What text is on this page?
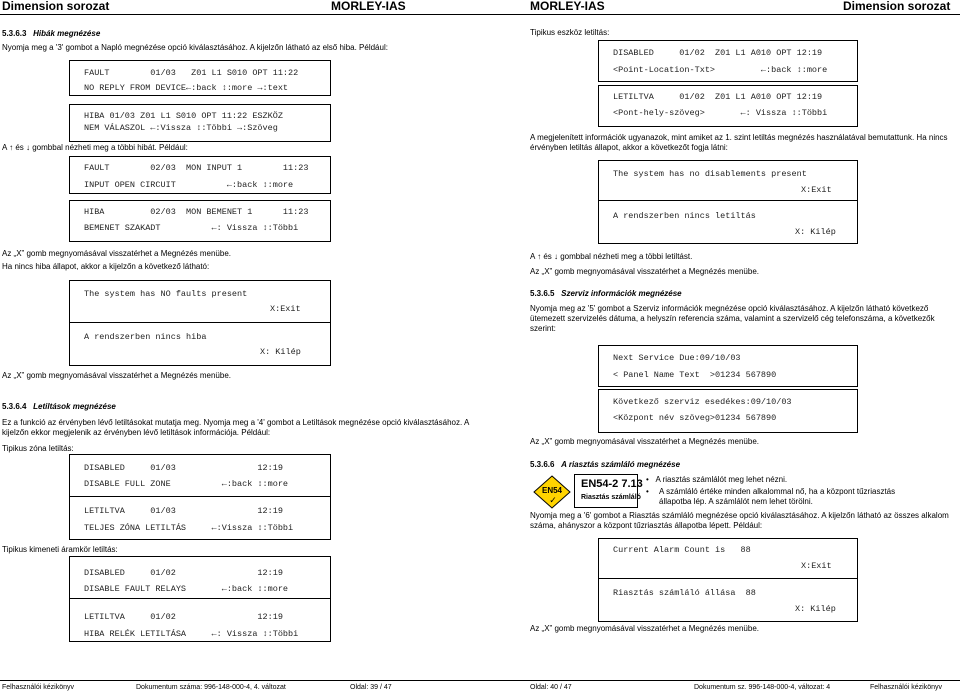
Dimension sorozat	MORLEY-IAS
5.3.6.3 Hibák megnézése
Nyomja meg a '3' gombot a Napló megnézése opció kiválasztásához. A kijelzőn látható az első hiba. Például:
FAULT        01/03   Z01 L1 S010 OPT 11:22
NO REPLY FROM DEVICE←:back ↕:more →:text
HIBA 01/03 Z01 L1 S010 OPT 11:22 ESZKÖZ
NEM VÁLASZOL ←:Vissza ↕:Többi →:Szöveg
A ↑ és ↓ gombbal nézheti meg a többi hibát. Például:
FAULT        02/03  MON INPUT 1        11:23
INPUT OPEN CIRCUIT          ←:back ↕:more
HIBA         02/03  MON BEMENET 1      11:23
BEMENET SZAKADT          ←: Vissza ↕:Többi
Az „X” gomb megnyomásával visszatérhet a Megnézés menübe.
Ha nincs hiba állapot, akkor a kijelzőn a következő látható:
The system has NO faults present
X:Exit
A rendszerben nincs hiba
X: Kilép
Az „X” gomb megnyomásával visszatérhet a Megnézés menübe.
5.3.6.4 Letiltások megnézése
Ez a funkció az érvényben lévő letiltásokat mutatja meg. Nyomja meg a '4' gombot a Letiltások megnézése opció kiválasztásához. A kijelzőn ekkor megjelenik az érvényben lévő letiltások információja. Például:
Tipikus zóna letiltás:
DISABLED     01/03                12:19
DISABLE FULL ZONE          ←:back ↕:more
LETILTVA     01/03                12:19
TELJES ZÓNA LETILTÁS     ←:Vissza ↕:Többi
Tipikus kimeneti áramkör letiltás:
DISABLED     01/02                12:19
DISABLE FAULT RELAYS       ←:back ↕:more
LETILTVA     01/02                12:19
HIBA RELÉK LETILTÁSA     ←: Vissza ↕:Többi
Felhasználói kézikönyv	Dokumentum száma: 996-148-000-4, 4. változat	Oldal: 39 / 47
MORLEY-IAS	Dimension sorozat
Tipikus eszköz letiltás:
DISABLED     01/02  Z01 L1 A010 OPT 12:19
<Point-Location-Txt>         ←:back ↕:more
LETILTVA     01/02  Z01 L1 A010 OPT 12:19
<Pont-hely-szöveg>       ←: Vissza ↕:Többi
A megjelenített információk ugyanazok, mint amiket az 1. szint letiltás megnézés használatával bemutattunk. Ha nincs érvényben letiltás állapot, akkor a következőt fogja látni:
The system has no disablements present
X:Exit
A rendszerben nincs letiltás
X: Kilép
A ↑ és ↓ gombbal nézheti meg a többi letiltást.
Az „X” gomb megnyomásával visszatérhet a Megnézés menübe.
5.3.6.5 Szerviz információk megnézése
Nyomja meg az '5' gombot a Szerviz információk megnézése opció kiválasztásához. A kijelzőn látható következő ütemezett szervizelés dátuma, a helyszín referencia száma, valamint a szervizelő cég telefonszáma, a következők szerint:
Next Service Due:09/10/03
< Panel Name Text  >01234 567890
Következő szerviz esedékes:09/10/03
<Központ név szöveg>01234 567890
Az „X” gomb megnyomásával visszatérhet a Megnézés menübe.
5.3.6.6 A riasztás számláló megnézése
EN54
✓
EN54-2 7.13
Riasztás számláló
•   A riasztás számlálót meg lehet nézni.
• A számláló értéke minden alkalommal nő, ha a központ tűzriasztás állapotba lép. A számlálót nem lehet törölni.
Nyomja meg a '6' gombot a Riasztás számláló megnézése opció kiválasztásához. A kijelzőn látható az összes alkalom száma, ahányszor a központ tűzriasztás állapotba lépett. Például:
Current Alarm Count is   88
X:Exit
Riasztás számláló állása  88
X: Kilép
Az „X” gomb megnyomásával visszatérhet a Megnézés menübe.
Oldal: 40 / 47	Dokumentum sz. 996-148-000-4, változat: 4	Felhasználói kézikönyv
